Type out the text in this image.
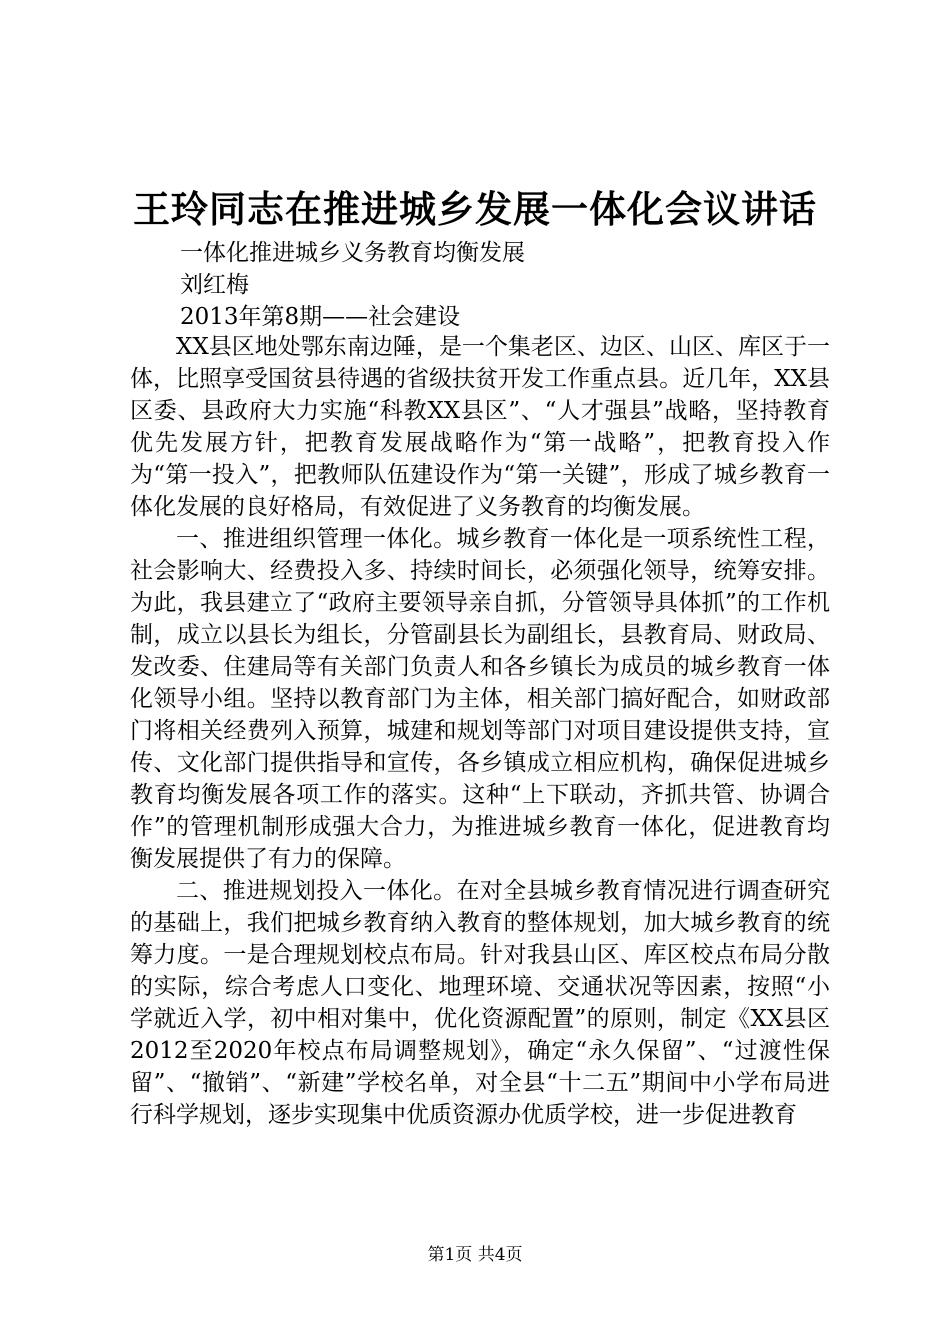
王玲同志在推进城乡发展一体化会议讲话
一体化推进城乡义务教育均衡发展
刘红梅
2013年第8期——社会建设

XX县区地处鄂东南边陲，是一个集老区、边区、山区、库区于一体，比照享受国贫县待遇的省级扶贫开发工作重点县。近几年，XX县区委、县政府大力实施“科教XX县区”、“人才强县”战略，坚持教育优先发展方针，把教育发展战略作为“第一战略”，把教育投入作为“第一投入”，把教师队伍建设作为“第一关键”，形成了城乡教育一体化发展的良好格局，有效促进了义务教育的均衡发展。

一、推进组织管理一体化。城乡教育一体化是一项系统性工程，社会影响大、经费投入多、持续时间长，必须强化领导，统筹安排。为此，我县建立了“政府主要领导亲自抓，分管领导具体抓”的工作机制，成立以县长为组长，分管副县长为副组长，县教育局、财政局、发改委、住建局等有关部门负责人和各乡镇长为成员的城乡教育一体化领导小组。坚持以教育部门为主体，相关部门搞好配合，如财政部门将相关经费列入预算，城建和规划等部门对项目建设提供支持，宣传、文化部门提供指导和宣传，各乡镇成立相应机构，确保促进城乡教育均衡发展各项工作的落实。这种“上下联动，齐抓共管、协调合作”的管理机制形成强大合力，为推进城乡教育一体化，促进教育均衡发展提供了有力的保障。

二、推进规划投入一体化。在对全县城乡教育情况进行调查研究的基础上，我们把城乡教育纳入教育的整体规划，加大城乡教育的统筹力度。一是合理规划校点布局。针对我县山区、库区校点布局分散的实际，综合考虑人口变化、地理环境、交通状况等因素，按照“小学就近入学，初中相对集中，优化资源配置”的原则，制定《XX县区2012至2020年校点布局调整规划》，确定“永久保留”、“过渡性保留”、“撤销”、“新建”学校名单，对全县“十二五”期间中小学布局进行科学规划，逐步实现集中优质资源办优质学校，进一步促进教育

第1页 共4页
